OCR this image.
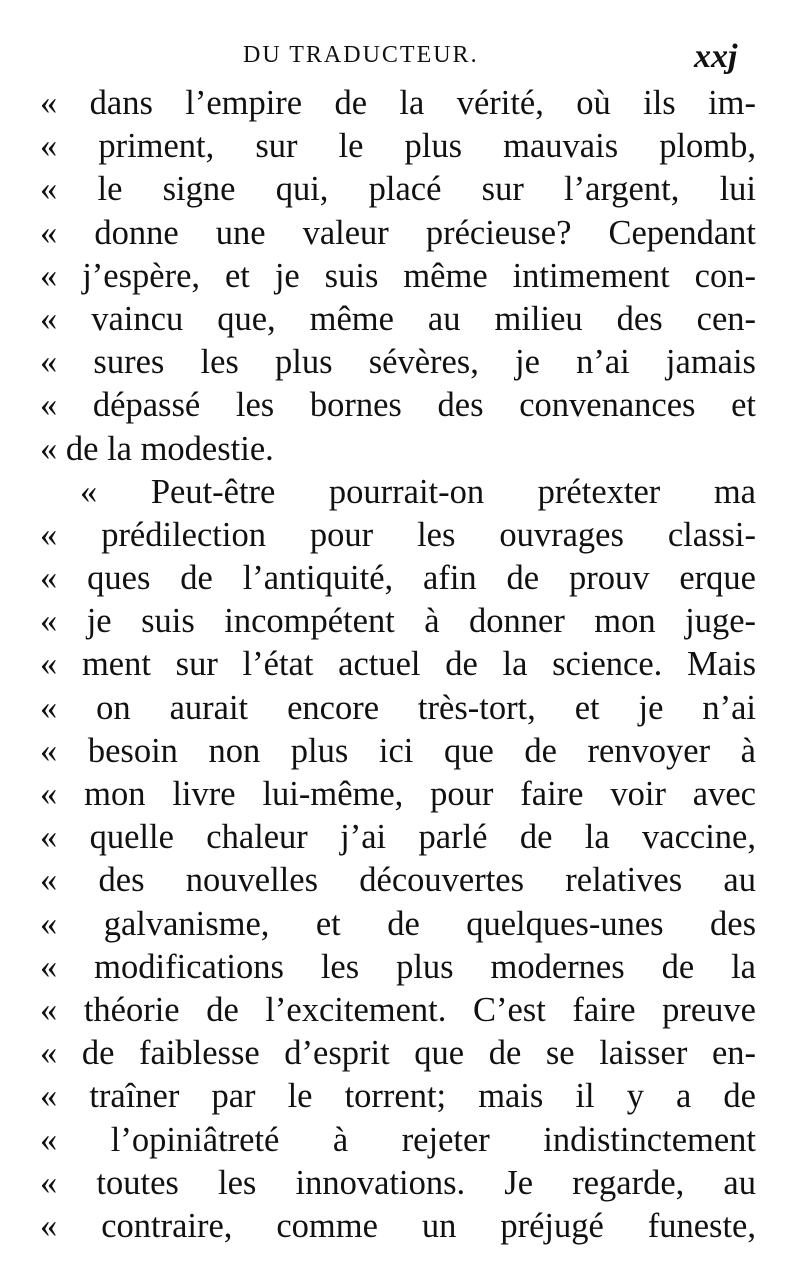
DU TRADUCTEUR.	xxj
« dans l’empire de la vérité, où ils im-
« priment, sur le plus mauvais plomb,
« le signe qui, placé sur l’argent, lui
« donne une valeur précieuse? Cependant
« j’espère, et je suis même intimement con-
« vaincu que, même au milieu des cen-
« sures les plus sévères, je n’ai jamais
« dépassé les bornes des convenances et
« de la modestie.
« Peut-être pourrait-on prétexter ma
« prédilection pour les ouvrages classi-
« ques de l’antiquité, afin de prouv erque
« je suis incompétent à donner mon juge-
« ment sur l’état actuel de la science. Mais
« on aurait encore très-tort, et je n’ai
« besoin non plus ici que de renvoyer à
« mon livre lui-même, pour faire voir avec
« quelle chaleur j’ai parlé de la vaccine,
« des nouvelles découvertes relatives au
« galvanisme, et de quelques-unes des
« modifications les plus modernes de la
« théorie de l’excitement. C’est faire preuve
« de faiblesse d’esprit que de se laisser en-
« traîner par le torrent; mais il y a de
« l’opiniâtreté à rejeter indistinctement
« toutes les innovations. Je regarde, au
« contraire, comme un préjugé funeste,
